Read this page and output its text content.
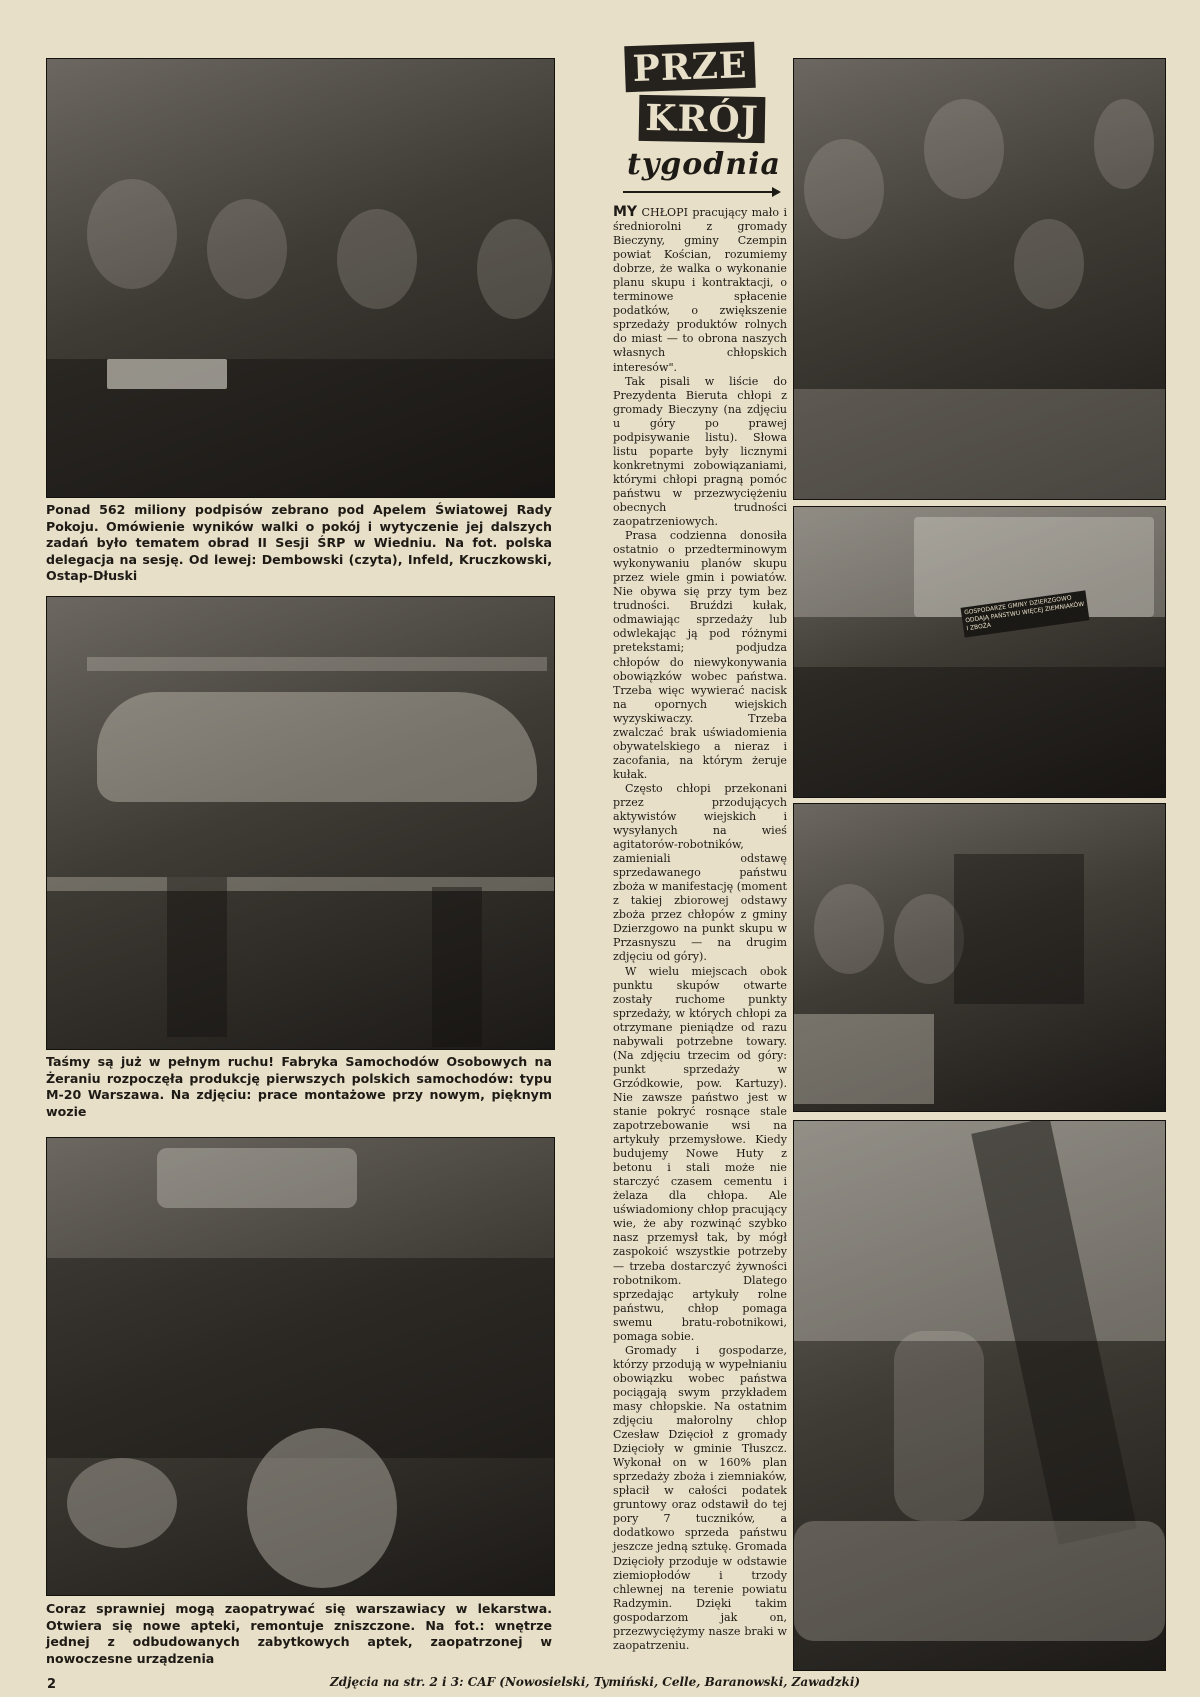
Ponad 562 miliony podpisów zebrano pod Apelem Światowej Rady Pokoju. Omówienie wyników walki o pokój i wytyczenie jej dalszych zadań było tematem obrad II Sesji ŚRP w Wiedniu. Na fot. polska delegacja na sesję. Od lewej: Dembowski (czyta), Infeld, Kruczkowski, Ostap-Dłuski
Taśmy są już w pełnym ruchu! Fabryka Samochodów Osobowych na Żeraniu rozpoczęła produkcję pierwszych polskich samochodów: typu M-20 Warszawa. Na zdjęciu: prace montażowe przy nowym, pięknym wozie
Coraz sprawniej mogą zaopatrywać się warszawiacy w lekarstwa. Otwiera się nowe apteki, remontuje zniszczone. Na fot.: wnętrze jednej z odbudowanych zabytkowych aptek, zaopatrzonej w nowoczesne urządzenia
PRZE
KRÓJ
tygodnia

MY CHŁOPI pracujący mało i średniorolni z gromady Bieczyny, gminy Czempin powiat Kościan, rozumiemy dobrze, że walka o wykonanie planu skupu i kontraktacji, o terminowe spłacenie podatków, o zwiększenie sprzedaży produktów rolnych do miast — to obrona naszych własnych chłopskich interesów".

Tak pisali w liście do Prezydenta Bieruta chłopi z gromady Bieczyny (na zdjęciu u góry po prawej podpisywanie listu). Słowa listu poparte były licznymi konkretnymi zobowiązaniami, którymi chłopi pragną pomóc państwu w przezwyciężeniu obecnych trudności zaopatrzeniowych.

Prasa codzienna donosiła ostatnio o przedterminowym wykonywaniu planów skupu przez wiele gmin i powiatów. Nie obywa się przy tym bez trudności. Bruździ kułak, odmawiając sprzedaży lub odwlekając ją pod różnymi pretekstami; podjudza chłopów do niewykonywania obowiązków wobec państwa. Trzeba więc wywierać nacisk na opornych wiejskich wyzyskiwaczy. Trzeba zwalczać brak uświadomienia obywatelskiego a nieraz i zacofania, na którym żeruje kułak.

Często chłopi przekonani przez przodujących aktywistów wiejskich i wysyłanych na wieś agitatorów-robotników, zamieniali odstawę sprzedawanego państwu zboża w manifestację (moment z takiej zbiorowej odstawy zboża przez chłopów z gminy Dzierzgowo na punkt skupu w Przasnyszu — na drugim zdjęciu od góry).

W wielu miejscach obok punktu skupów otwarte zostały ruchome punkty sprzedaży, w których chłopi za otrzymane pieniądze od razu nabywali potrzebne towary. (Na zdjęciu trzecim od góry: punkt sprzedaży w Grzódkowie, pow. Kartuzy). Nie zawsze państwo jest w stanie pokryć rosnące stale zapotrzebowanie wsi na artykuły przemysłowe. Kiedy budujemy Nowe Huty z betonu i stali może nie starczyć czasem cementu i żelaza dla chłopa. Ale uświadomiony chłop pracujący wie, że aby rozwinąć szybko nasz przemysł tak, by mógł zaspokoić wszystkie potrzeby — trzeba dostarczyć żywności robotnikom. Dlatego sprzedając artykuły rolne państwu, chłop pomaga swemu bratu-robotnikowi, pomaga sobie.

Gromady i gospodarze, którzy przodują w wypełnianiu obowiązku wobec państwa pociągają swym przykładem masy chłopskie. Na ostatnim zdjęciu małorolny chłop Czesław Dzięcioł z gromady Dzięcioły w gminie Tłuszcz. Wykonał on w 160% plan sprzedaży zboża i ziemniaków, spłacił w całości podatek gruntowy oraz odstawił do tej pory 7 tuczników, a dodatkowo sprzeda państwu jeszcze jedną sztukę. Gromada Dzięcioły przoduje w odstawie ziemiopłodów i trzody chlewnej na terenie powiatu Radzymin. Dzięki takim gospodarzom jak on, przezwyciężymy nasze braki w zaopatrzeniu.

GOSPODARZE GMINY DZIERZGOWO ODDAJĄ PAŃSTWU WIĘCEJ ZIEMNIAKÓW I ZBOŻA
2	Zdjęcia na str. 2 i 3: CAF (Nowosielski, Tymiński, Celle, Baranowski, Zawadzki)
